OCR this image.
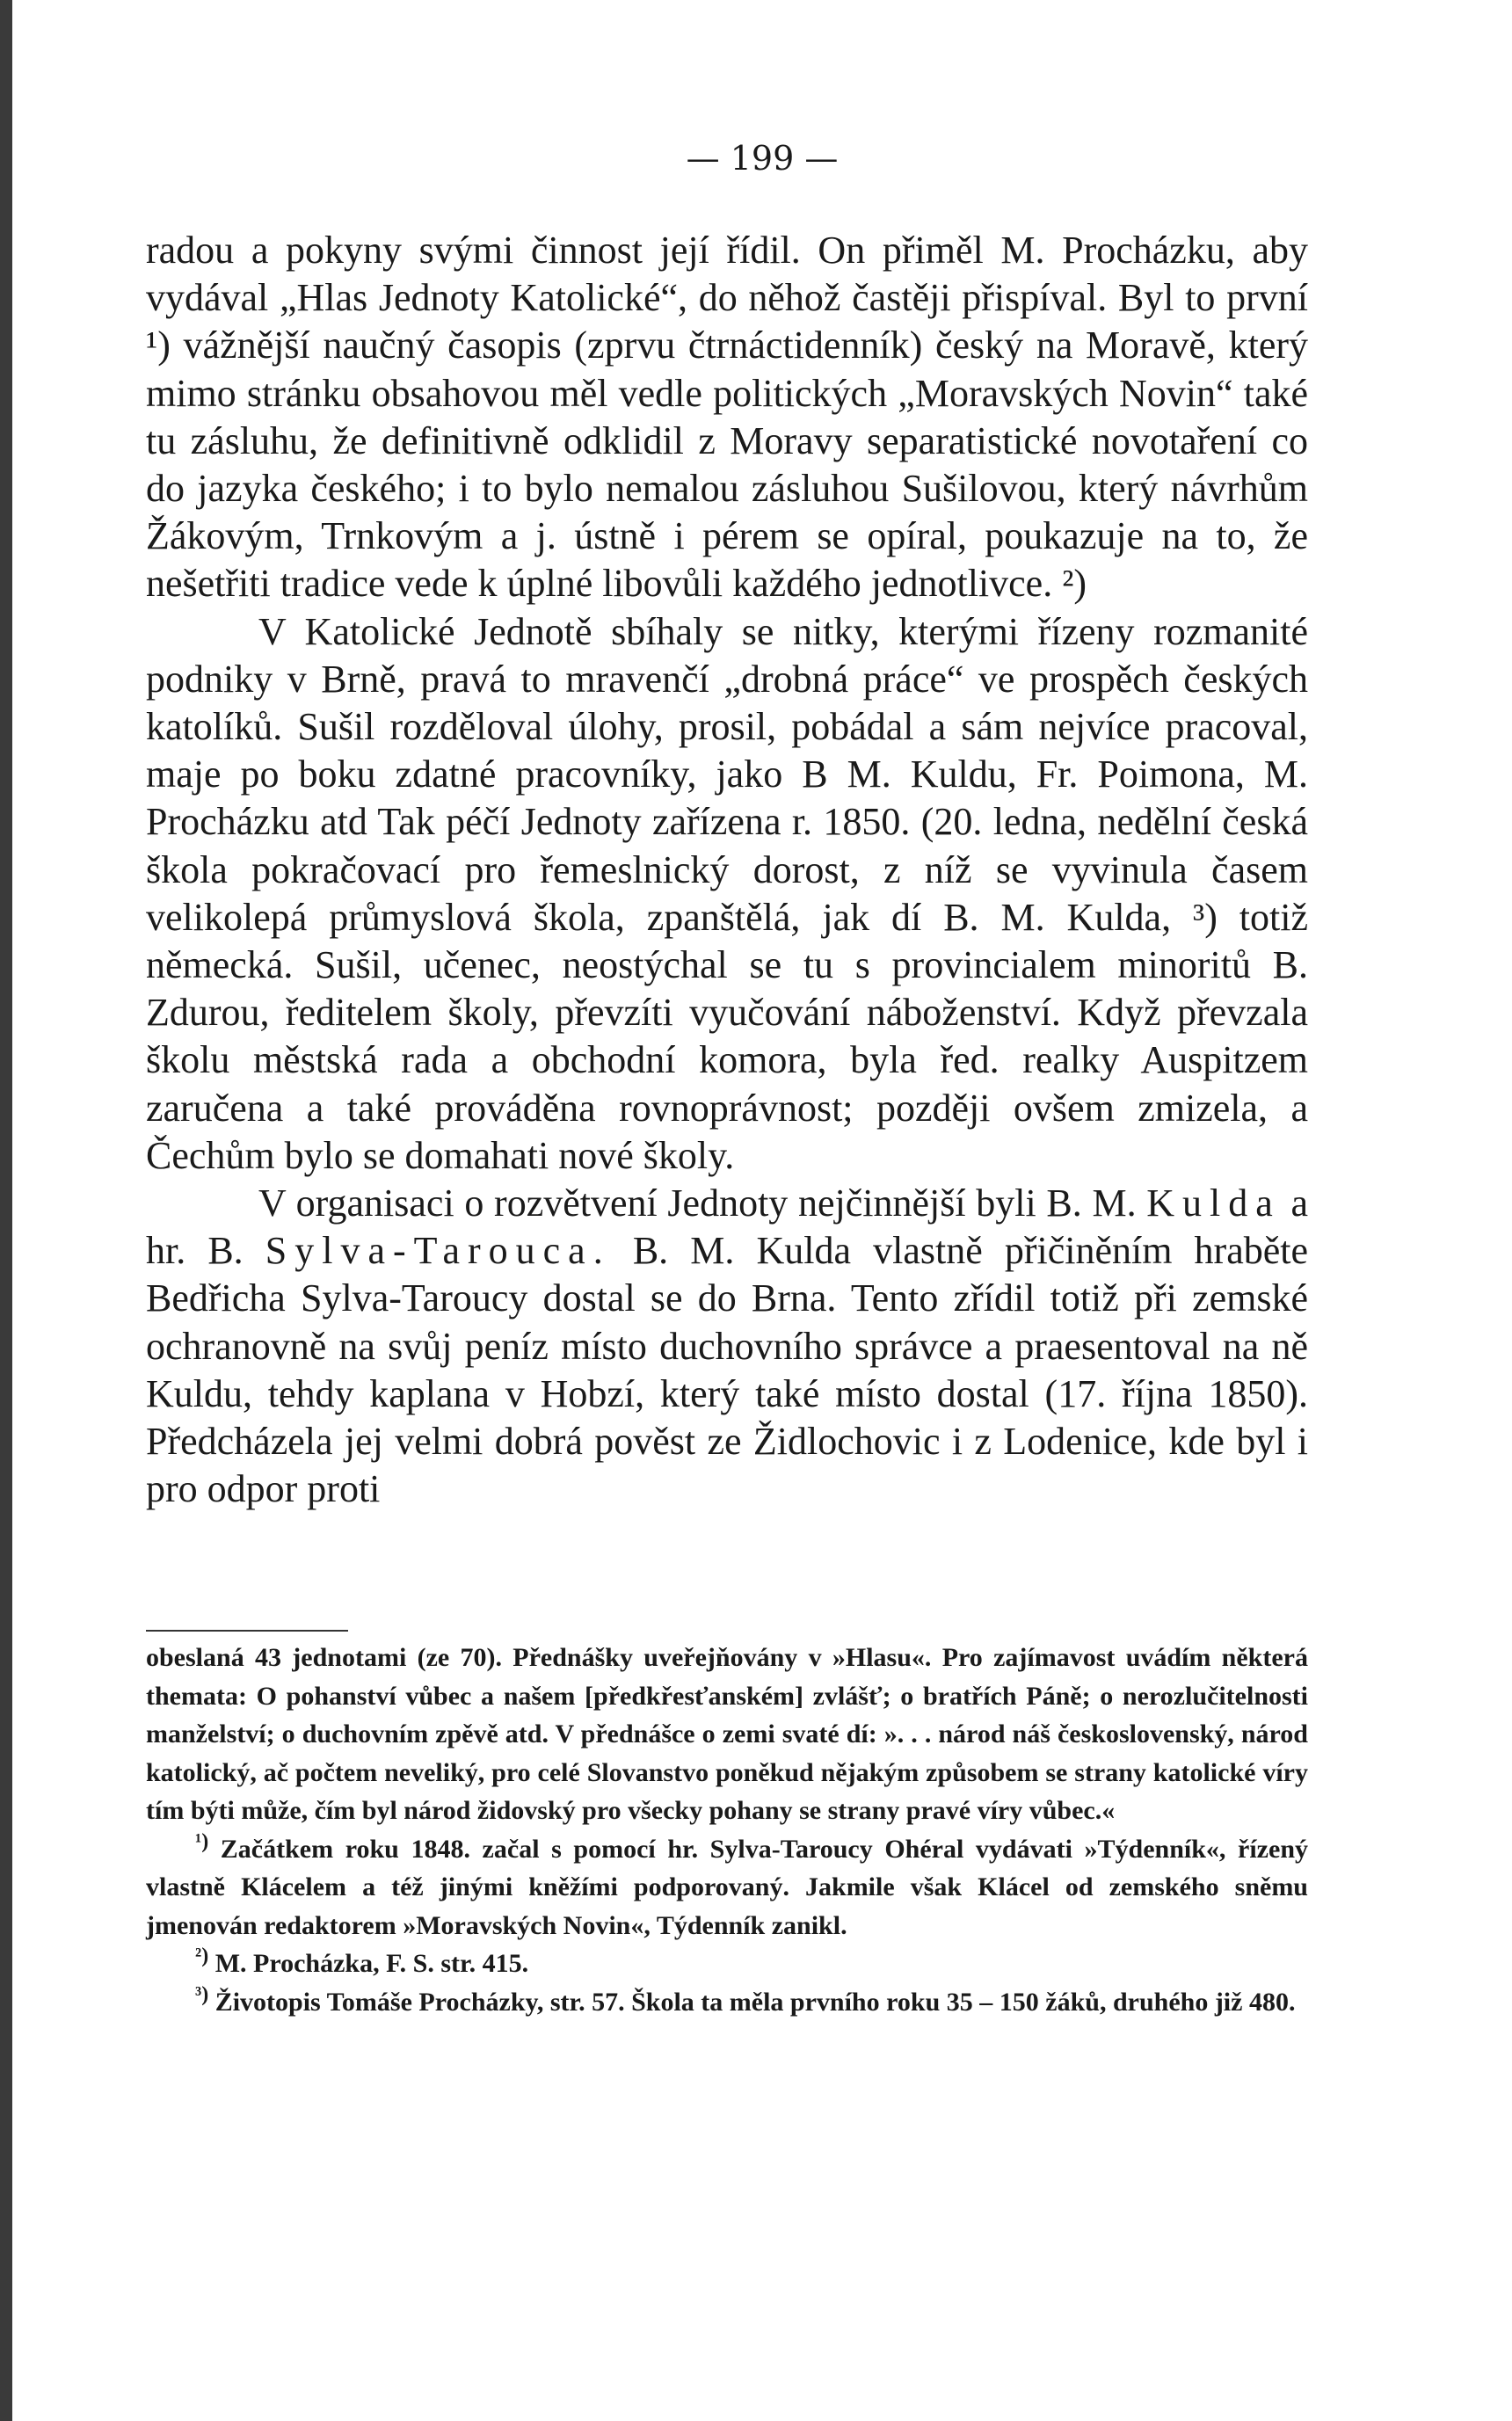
— 199 —

radou a pokyny svými činnost její řídil. On přiměl M. Procházku, aby vydával „Hlas Jednoty Katolické“, do něhož častěji přispíval. Byl to první ¹) vážnější naučný časopis (zprvu čtrnáctidenník) český na Moravě, který mimo stránku obsahovou měl vedle politických „Moravských Novin“ také tu zásluhu, že definitivně odklidil z Moravy separatistické novotaření co do jazyka českého; i to bylo nemalou zásluhou Sušilovou, který návrhům Žákovým, Trnkovým a j. ústně i pérem se opíral, poukazuje na to, že nešetřiti tradice vede k úplné libovůli každého jednotlivce. ²)

V Katolické Jednotě sbíhaly se nitky, kterými řízeny rozmanité podniky v Brně, pravá to mravenčí „drobná práce“ ve prospěch českých katolíků. Sušil rozděloval úlohy, prosil, pobádal a sám nejvíce pracoval, maje po boku zdatné pracovníky, jako B M. Kuldu, Fr. Poimona, M. Procházku atd Tak péčí Jednoty zařízena r. 1850. (20. ledna, nedělní česká škola pokračovací pro řemeslnický dorost, z níž se vyvinula časem velikolepá průmyslová škola, zpanštělá, jak dí B. M. Kulda, ³) totiž německá. Sušil, učenec, neostýchal se tu s provincialem minoritů B. Zdurou, ředitelem školy, převzíti vyučování náboženství. Když převzala školu městská rada a obchodní komora, byla řed. realky Auspitzem zaručena a také prováděna rovnoprávnost; později ovšem zmizela, a Čechům bylo se domahati nové školy.

V organisaci o rozvětvení Jednoty nejčinnější byli B. M. Kulda a hr. B. Sylva-Tarouca. B. M. Kulda vlastně přičiněním hraběte Bedřicha Sylva-Taroucy dostal se do Brna. Tento zřídil totiž při zemské ochranovně na svůj peníz místo duchovního správce a praesentoval na ně Kuldu, tehdy kaplana v Hobzí, který také místo dostal (17. října 1850). Předcházela jej velmi dobrá pověst ze Židlochovic i z Lodenice, kde byl i pro odpor proti

obeslaná 43 jednotami (ze 70). Přednášky uveřejňovány v »Hlasu«. Pro zajímavost uvádím některá themata: O pohanství vůbec a našem [předkřesťanském] zvlášť; o bratřích Páně; o nerozlučitelnosti manželství; o duchovním zpěvě atd. V přednášce o zemi svaté dí: ». . . národ náš československý, národ katolický, ač počtem neveliký, pro celé Slovanstvo poněkud nějakým způsobem se strany katolické víry tím býti může, čím byl národ židovský pro všecky pohany se strany pravé víry vůbec.«

$^{^1)}$ Začátkem roku 1848. začal s pomocí hr. Sylva-Taroucy Ohéral vydávati »Týdenník«, řízený vlastně Klácelem a též jinými kněžími podporovaný. Jakmile však Klácel od zemského sněmu jmenován redaktorem »Moravských Novin«, Týdenník zanikl.

$^{^2)}$ M. Procházka, F. S. str. 415.

$^{^3)}$ Životopis Tomáše Procházky, str. 57. Škola ta měla prvního roku 35 – 150 žáků, druhého již 480.
